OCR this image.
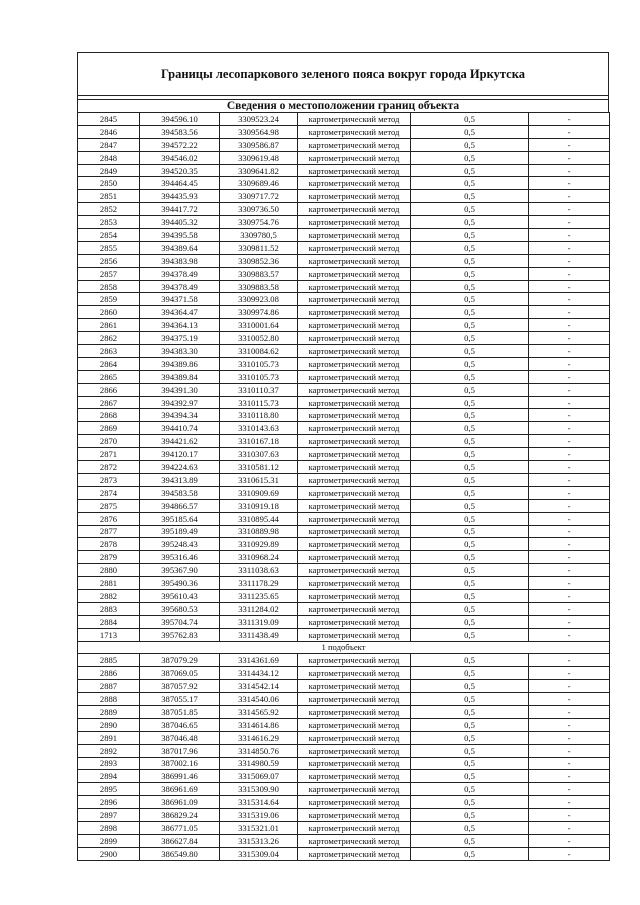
Границы лесопаркового зеленого пояса вокруг города Иркутска
Сведения о местоположении границ объекта
2845	394596.10	3309523.24	картометрический метод	0,5	-
2846	394583.56	3309564.98	картометрический метод	0,5	-
2847	394572.22	3309586.87	картометрический метод	0,5	-
2848	394546.02	3309619.48	картометрический метод	0,5	-
2849	394520.35	3309641.82	картометрический метод	0,5	-
2850	394464.45	3309689.46	картометрический метод	0,5	-
2851	394435.93	3309717.72	картометрический метод	0,5	-
2852	394417.72	3309736.50	картометрический метод	0,5	-
2853	394405.32	3309754.76	картометрический метод	0,5	-
2854	394395.58	3309780,5	картометрический метод	0,5	-
2855	394389.64	3309811.52	картометрический метод	0,5	-
2856	394383.98	3309852.36	картометрический метод	0,5	-
2857	394378.49	3309883.57	картометрический метод	0,5	-
2858	394378.49	3309883.58	картометрический метод	0,5	-
2859	394371.58	3309923.08	картометрический метод	0,5	-
2860	394364.47	3309974.86	картометрический метод	0,5	-
2861	394364.13	3310001.64	картометрический метод	0,5	-
2862	394375.19	3310052.80	картометрический метод	0,5	-
2863	394383.30	3310084.62	картометрический метод	0,5	-
2864	394389.86	3310105.73	картометрический метод	0,5	-
2865	394389.84	3310105.73	картометрический метод	0,5	-
2866	394391.30	3310110.37	картометрический метод	0,5	-
2867	394392.97	3310115.73	картометрический метод	0,5	-
2868	394394.34	3310118.80	картометрический метод	0,5	-
2869	394410.74	3310143.63	картометрический метод	0,5	-
2870	394421.62	3310167.18	картометрический метод	0,5	-
2871	394120.17	3310307.63	картометрический метод	0,5	-
2872	394224.63	3310581.12	картометрический метод	0,5	-
2873	394313.89	3310615.31	картометрический метод	0,5	-
2874	394583.58	3310909.69	картометрический метод	0,5	-
2875	394866.57	3310919.18	картометрический метод	0,5	-
2876	395185.64	3310895.44	картометрический метод	0,5	-
2877	395189.49	3310889.98	картометрический метод	0,5	-
2878	395248.43	3310929.89	картометрический метод	0,5	-
2879	395316.46	3310968.24	картометрический метод	0,5	-
2880	395367.90	3311038.63	картометрический метод	0,5	-
2881	395490.36	3311178.29	картометрический метод	0,5	-
2882	395610.43	3311235.65	картометрический метод	0,5	-
2883	395680.53	3311284.02	картометрический метод	0,5	-
2884	395704.74	3311319.09	картометрический метод	0,5	-
1713	395762.83	3311438.49	картометрический метод	0,5	-
1 подобъект					
2885	387079.29	3314361.69	картометрический метод	0,5	-
2886	387069.05	3314434.12	картометрический метод	0,5	-
2887	387057.92	3314542.14	картометрический метод	0,5	-
2888	387055.17	3314540.06	картометрический метод	0,5	-
2889	387051.85	3314565.92	картометрический метод	0,5	-
2890	387046.65	3314614.86	картометрический метод	0,5	-
2891	387046.48	3314616.29	картометрический метод	0,5	-
2892	387017.96	3314850.76	картометрический метод	0,5	-
2893	387002.16	3314980.59	картометрический метод	0,5	-
2894	386991.46	3315069.07	картометрический метод	0,5	-
2895	386961.69	3315309.90	картометрический метод	0,5	-
2896	386961.09	3315314.64	картометрический метод	0,5	-
2897	386829.24	3315319.06	картометрический метод	0,5	-
2898	386771.05	3315321.01	картометрический метод	0,5	-
2899	386627.84	3315313.26	картометрический метод	0,5	-
2900	386549.80	3315309.04	картометрический метод	0,5	-
